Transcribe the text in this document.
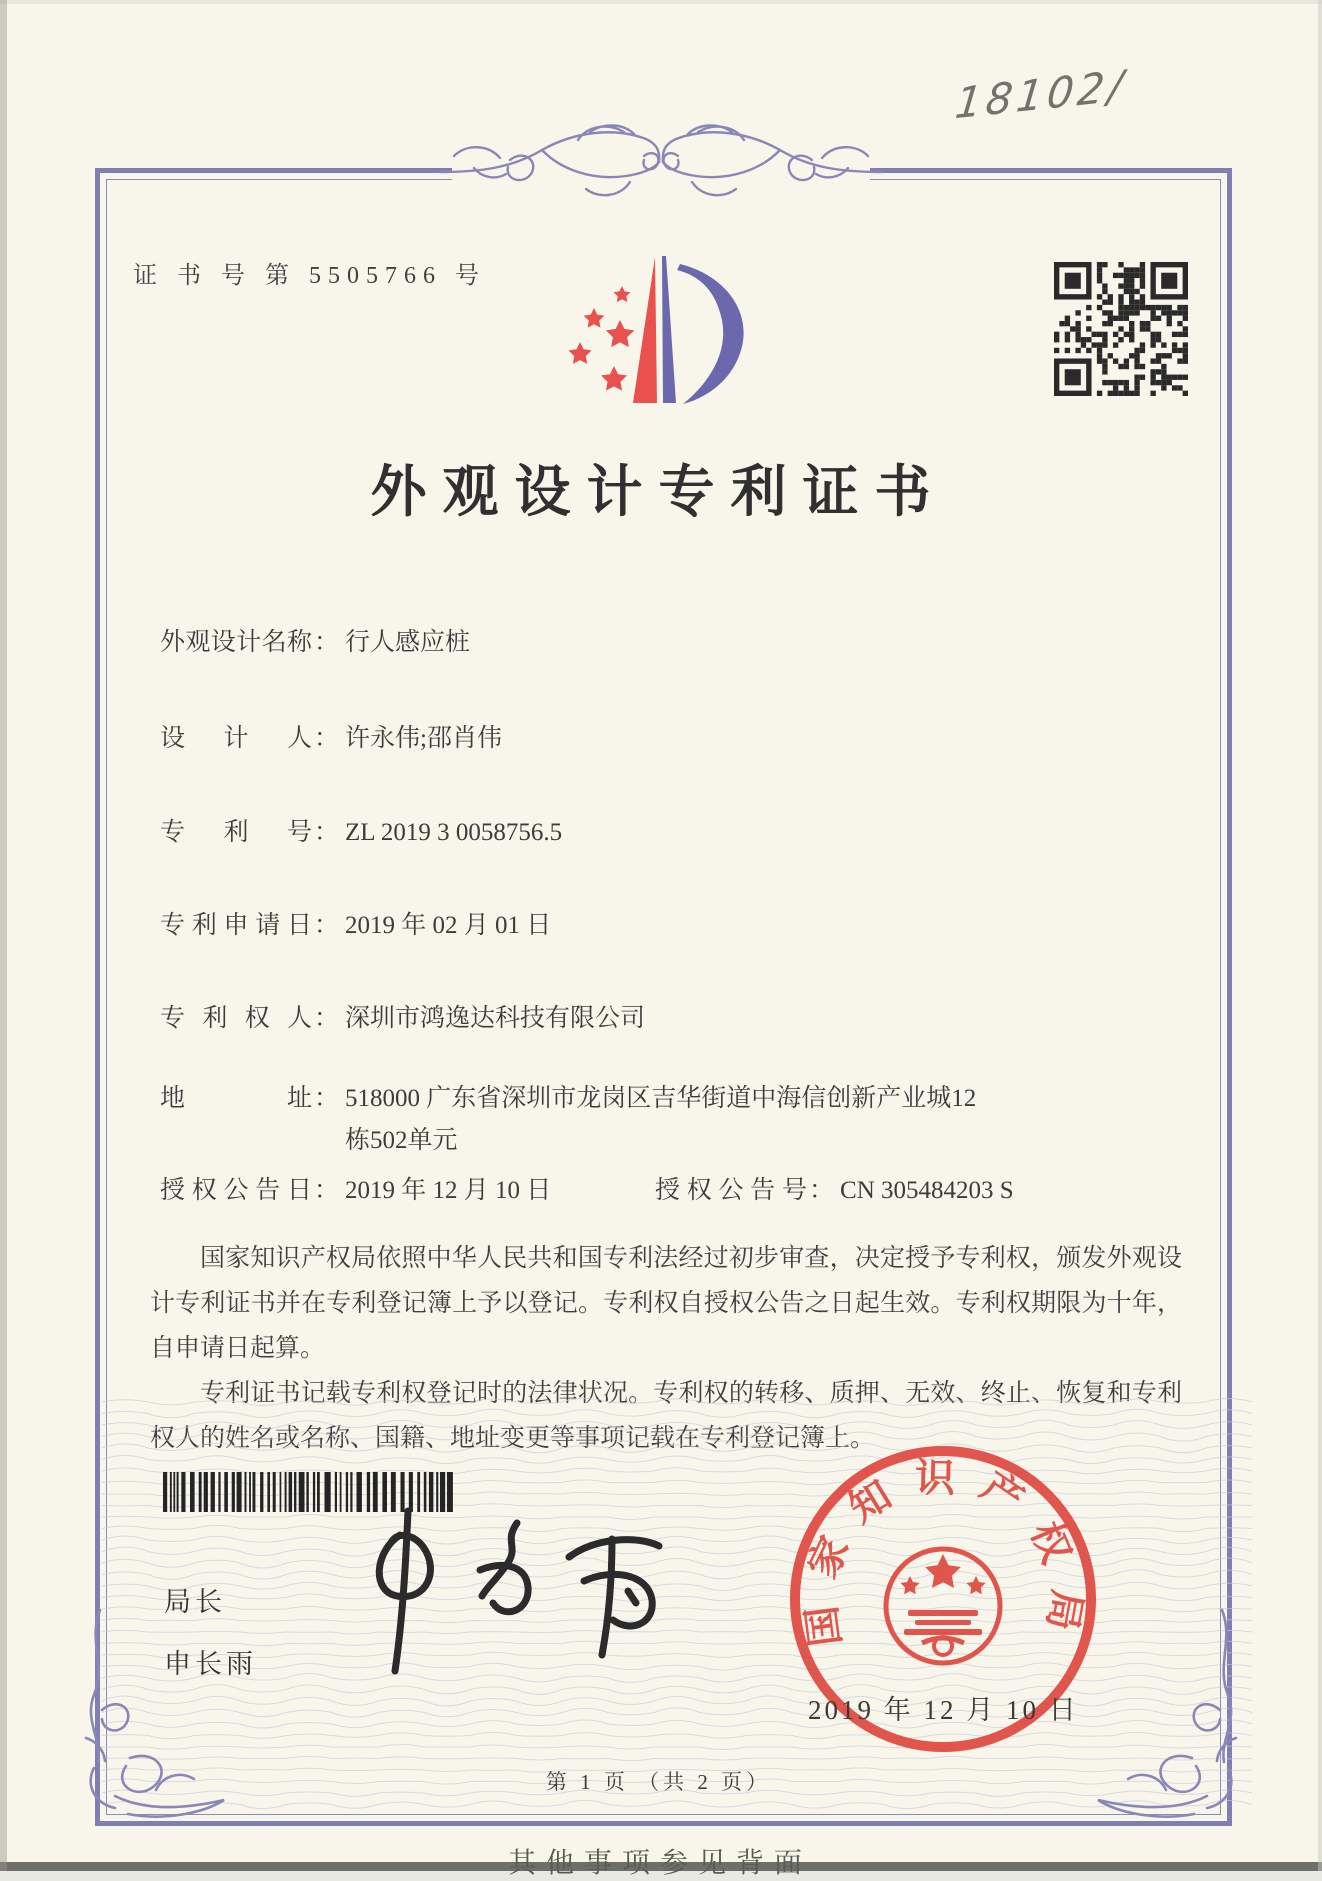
18102/
证 书 号 第 5505766 号
外观设计专利证书
外观设计名称 ： 行人感应桩
设计人 ： 许永伟;邵肖伟
专利号 ： ZL 2019 3 0058756.5
专利申请日 ： 2019 年 02 月 01 日
专利权人 ： 深圳市鸿逸达科技有限公司
地址 ： 518000 广东省深圳市龙岗区吉华街道中海信创新产业城12栋502单元
授权公告日 ： 2019 年 12 月 10 日	授权公告号 ： CN 305484203 S

国家知识产权局依照中华人民共和国专利法经过初步审查，决定授予专利权，颁发外观设计专利证书并在专利登记簿上予以登记。专利权自授权公告之日起生效。专利权期限为十年，自申请日起算。

专利证书记载专利权登记时的法律状况。专利权的转移、质押、无效、终止、恢复和专利权人的姓名或名称、国籍、地址变更等事项记载在专利登记簿上。

局长
申长雨
国家知识产权局
2019 年 12 月 10 日
第 1 页 （共 2 页）
其他事项参见背面
